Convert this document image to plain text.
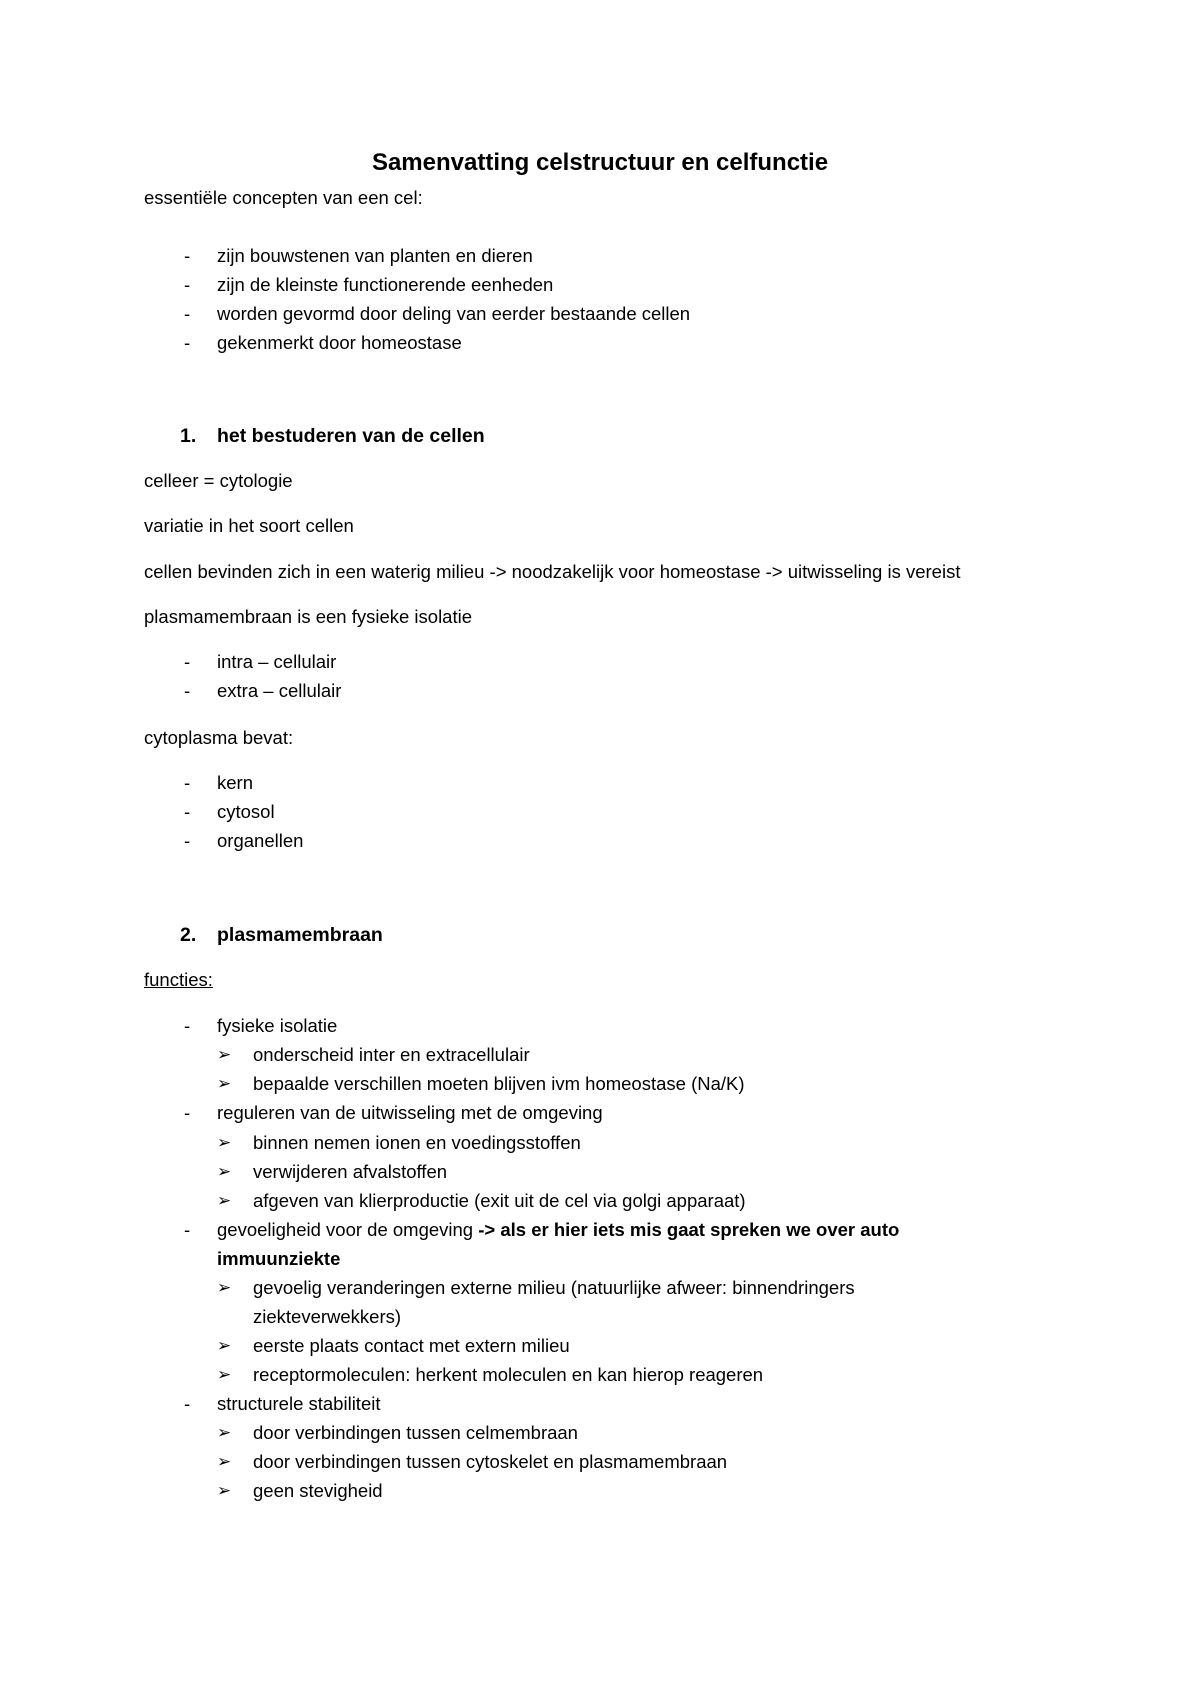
Samenvatting celstructuur en celfunctie
essentiële concepten van een cel:
- zijn bouwstenen van planten en dieren
- zijn de kleinste functionerende eenheden
- worden gevormd door deling van eerder bestaande cellen
- gekenmerkt door homeostase
1. het bestuderen van de cellen
celleer = cytologie
variatie in het soort cellen
cellen bevinden zich in een waterig milieu -> noodzakelijk voor homeostase -> uitwisseling is vereist
plasmamembraan is een fysieke isolatie
- intra – cellulair
- extra – cellulair
cytoplasma bevat:
- kern
- cytosol
- organellen
2. plasmamembraan
functies:
- fysieke isolatie
➢ onderscheid inter en extracellulair
➢ bepaalde verschillen moeten blijven ivm homeostase (Na/K)
- reguleren van de uitwisseling met de omgeving
➢ binnen nemen ionen en voedingsstoffen
➢ verwijderen afvalstoffen
➢ afgeven van klierproductie (exit uit de cel via golgi apparaat)
- gevoeligheid voor de omgeving -> als er hier iets mis gaat spreken we over auto
immuunziekte
➢ gevoelig veranderingen externe milieu (natuurlijke afweer: binnendringers
ziekteverwekkers)
➢ eerste plaats contact met extern milieu
➢ receptormoleculen: herkent moleculen en kan hierop reageren
- structurele stabiliteit
➢ door verbindingen tussen celmembraan
➢ door verbindingen tussen cytoskelet en plasmamembraan
➢ geen stevigheid
